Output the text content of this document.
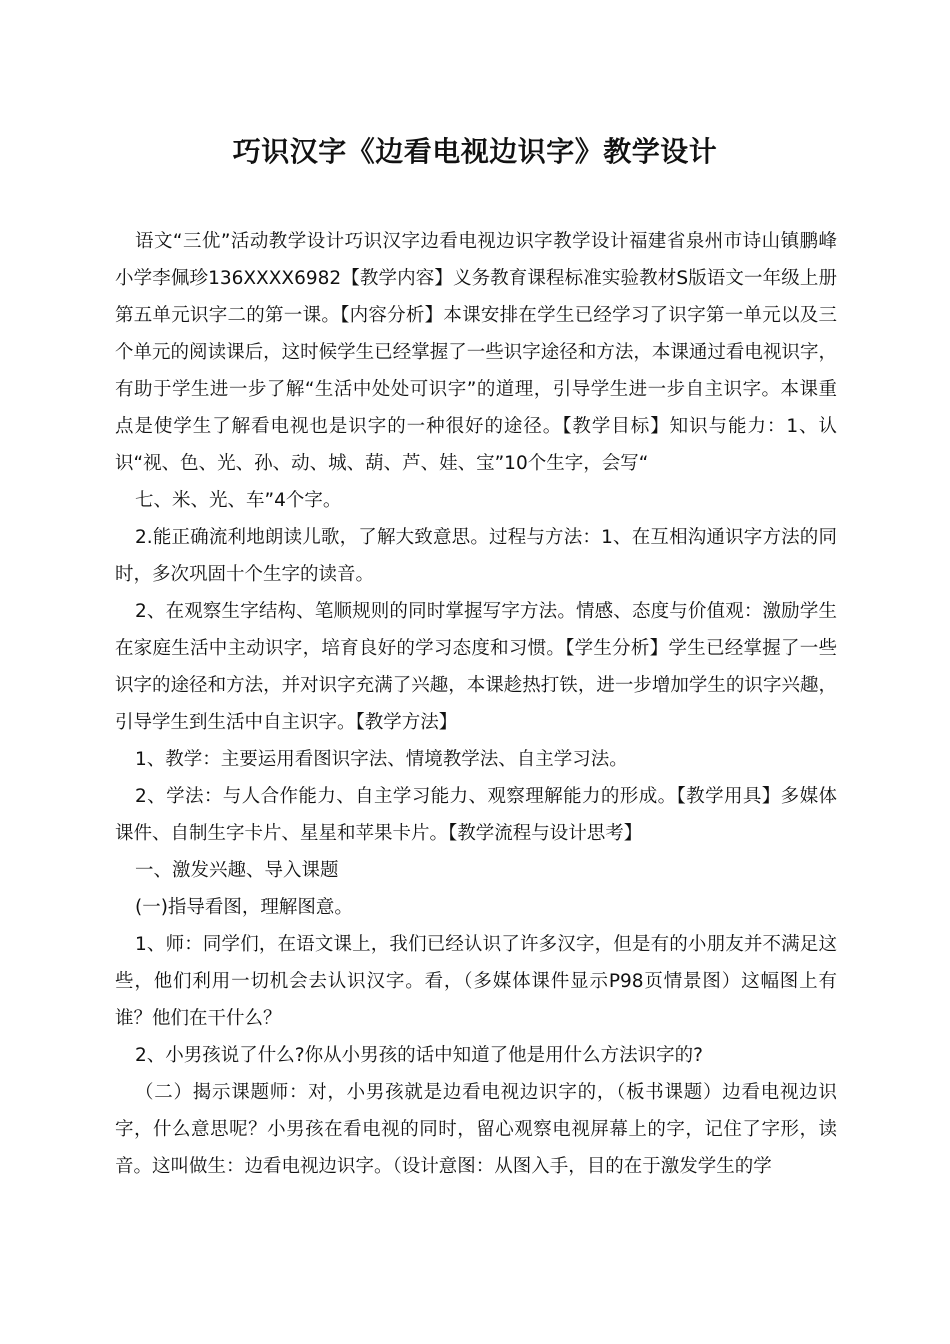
巧识汉字《边看电视边识字》教学设计

语文“三优”活动教学设计巧识汉字边看电视边识字教学设计福建省泉州市诗山镇鹏峰小学李佩珍136XXXX6982【教学内容】义务教育课程标准实验教材S版语文一年级上册第五单元识字二的第一课。【内容分析】本课安排在学生已经学习了识字第一单元以及三个单元的阅读课后，这时候学生已经掌握了一些识字途径和方法，本课通过看电视识字，有助于学生进一步了解“生活中处处可识字”的道理，引导学生进一步自主识字。本课重点是使学生了解看电视也是识字的一种很好的途径。【教学目标】知识与能力：1、认识“视、色、光、孙、动、城、葫、芦、娃、宝”10个生字，会写“

七、米、光、车”4个字。

2.能正确流利地朗读儿歌，了解大致意思。过程与方法：1、在互相沟通识字方法的同时，多次巩固十个生字的读音。

2、在观察生字结构、笔顺规则的同时掌握写字方法。情感、态度与价值观：激励学生在家庭生活中主动识字，培育良好的学习态度和习惯。【学生分析】学生已经掌握了一些识字的途径和方法，并对识字充满了兴趣，本课趁热打铁，进一步增加学生的识字兴趣，引导学生到生活中自主识字。【教学方法】

1、教学：主要运用看图识字法、情境教学法、自主学习法。

2、学法：与人合作能力、自主学习能力、观察理解能力的形成。【教学用具】多媒体课件、自制生字卡片、星星和苹果卡片。【教学流程与设计思考】

一、激发兴趣、导入课题

(一)指导看图，理解图意。

1、师：同学们，在语文课上，我们已经认识了许多汉字，但是有的小朋友并不满足这些，他们利用一切机会去认识汉字。看，（多媒体课件显示P98页情景图）这幅图上有谁？他们在干什么？

2、小男孩说了什么?你从小男孩的话中知道了他是用什么方法识字的?

（二）揭示课题师：对，小男孩就是边看电视边识字的，（板书课题）边看电视边识字，什么意思呢？小男孩在看电视的同时，留心观察电视屏幕上的字，记住了字形，读音。这叫做生：边看电视边识字。（设计意图：从图入手，目的在于激发学生的学
